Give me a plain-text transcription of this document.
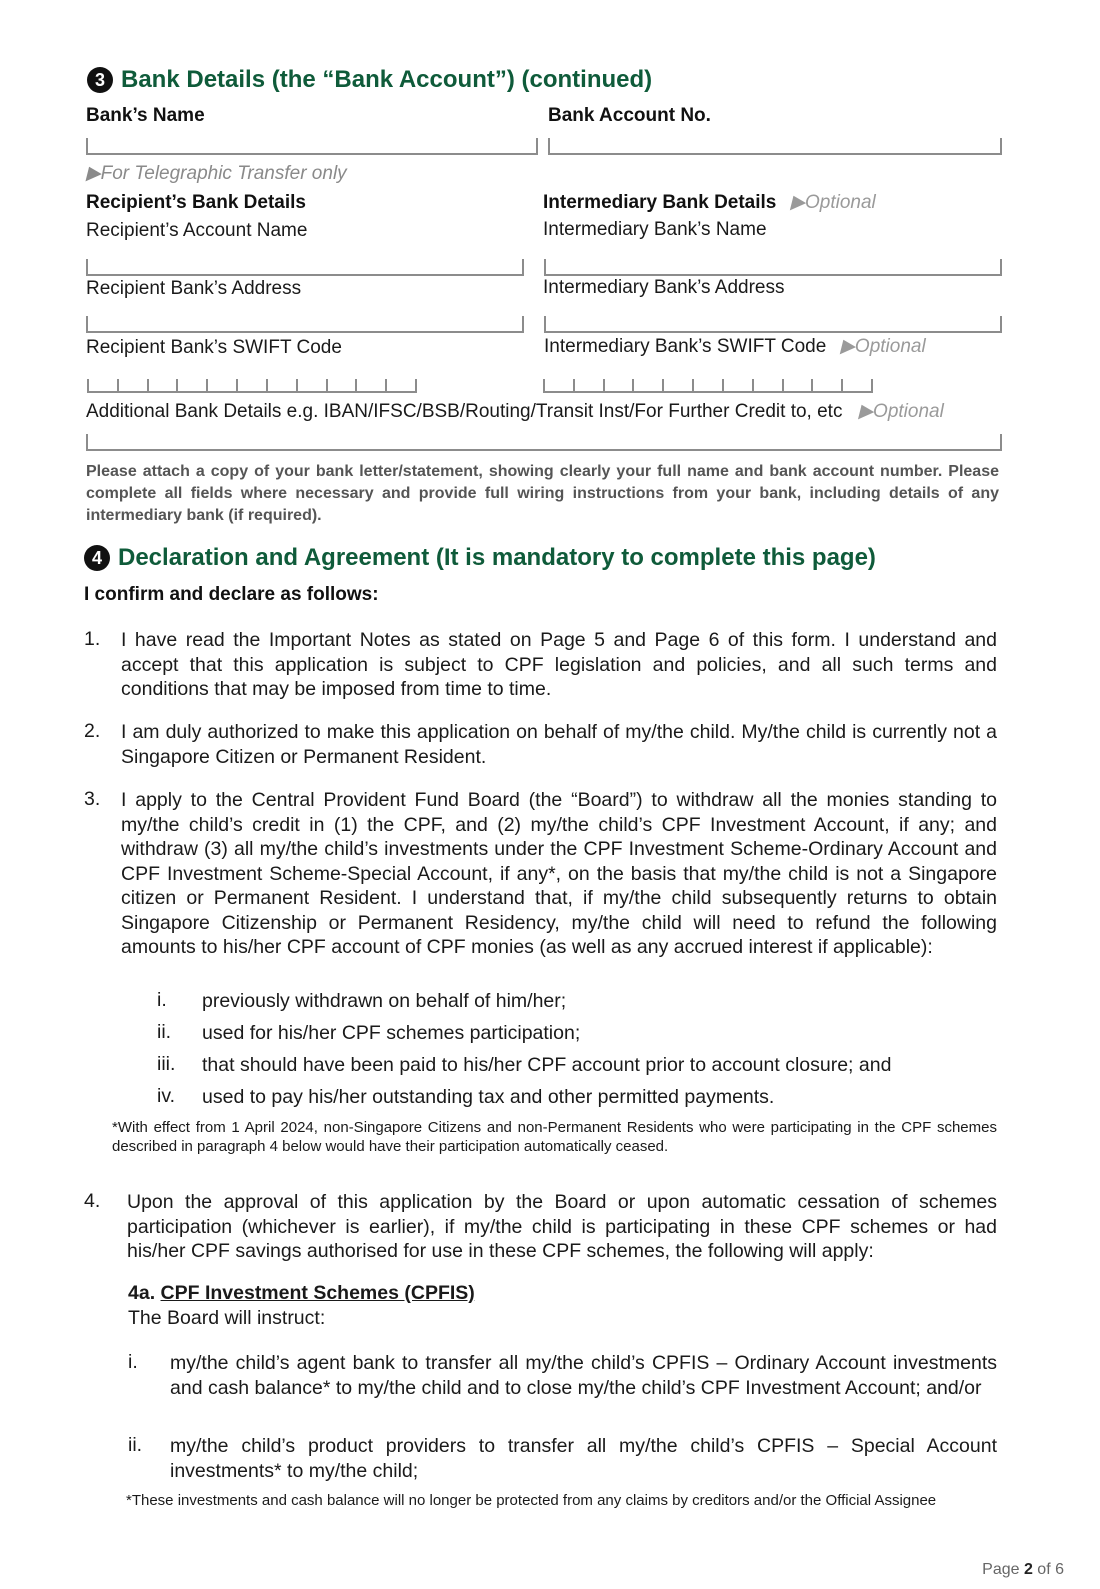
3 Bank Details (the “Bank Account”) (continued)
Bank’s Name	Bank Account No.
▶For Telegraphic Transfer only
Recipient’s Bank Details	Intermediary Bank Details ▶Optional
Recipient’s Account Name	Intermediary Bank’s Name
Recipient Bank’s Address	Intermediary Bank’s Address
Recipient Bank’s SWIFT Code	Intermediary Bank’s SWIFT Code ▶Optional
Additional Bank Details e.g. IBAN/IFSC/BSB/Routing/Transit Inst/For Further Credit to, etc ▶Optional
Please attach a copy of your bank letter/statement, showing clearly your full name and bank account number. Please complete all fields where necessary and provide full wiring instructions from your bank, including details of any intermediary bank (if required).
4 Declaration and Agreement (It is mandatory to complete this page)
I confirm and declare as follows:
1. I have read the Important Notes as stated on Page 5 and Page 6 of this form. I understand and accept that this application is subject to CPF legislation and policies, and all such terms and conditions that may be imposed from time to time.
2. I am duly authorized to make this application on behalf of my/the child. My/the child is currently not a Singapore Citizen or Permanent Resident.
3. I apply to the Central Provident Fund Board (the “Board”) to withdraw all the monies standing to my/the child’s credit in (1) the CPF, and (2) my/the child’s CPF Investment Account, if any; and withdraw (3) all my/the child’s investments under the CPF Investment Scheme-Ordinary Account and CPF Investment Scheme-Special Account, if any*, on the basis that my/the child is not a Singapore citizen or Permanent Resident. I understand that, if my/the child subsequently returns to obtain Singapore Citizenship or Permanent Residency, my/the child will need to refund the following amounts to his/her CPF account of CPF monies (as well as any accrued interest if applicable):
i. previously withdrawn on behalf of him/her;
ii. used for his/her CPF schemes participation;
iii. that should have been paid to his/her CPF account prior to account closure; and
iv. used to pay his/her outstanding tax and other permitted payments.
*With effect from 1 April 2024, non-Singapore Citizens and non-Permanent Residents who were participating in the CPF schemes described in paragraph 4 below would have their participation automatically ceased.
4. Upon the approval of this application by the Board or upon automatic cessation of schemes participation (whichever is earlier), if my/the child is participating in these CPF schemes or had his/her CPF savings authorised for use in these CPF schemes, the following will apply:
4a. CPF Investment Schemes (CPFIS)
The Board will instruct:
i. my/the child’s agent bank to transfer all my/the child’s CPFIS – Ordinary Account investments and cash balance* to my/the child and to close my/the child’s CPF Investment Account; and/or
ii. my/the child’s product providers to transfer all my/the child’s CPFIS – Special Account investments* to my/the child;
*These investments and cash balance will no longer be protected from any claims by creditors and/or the Official Assignee
Page 2 of 6
